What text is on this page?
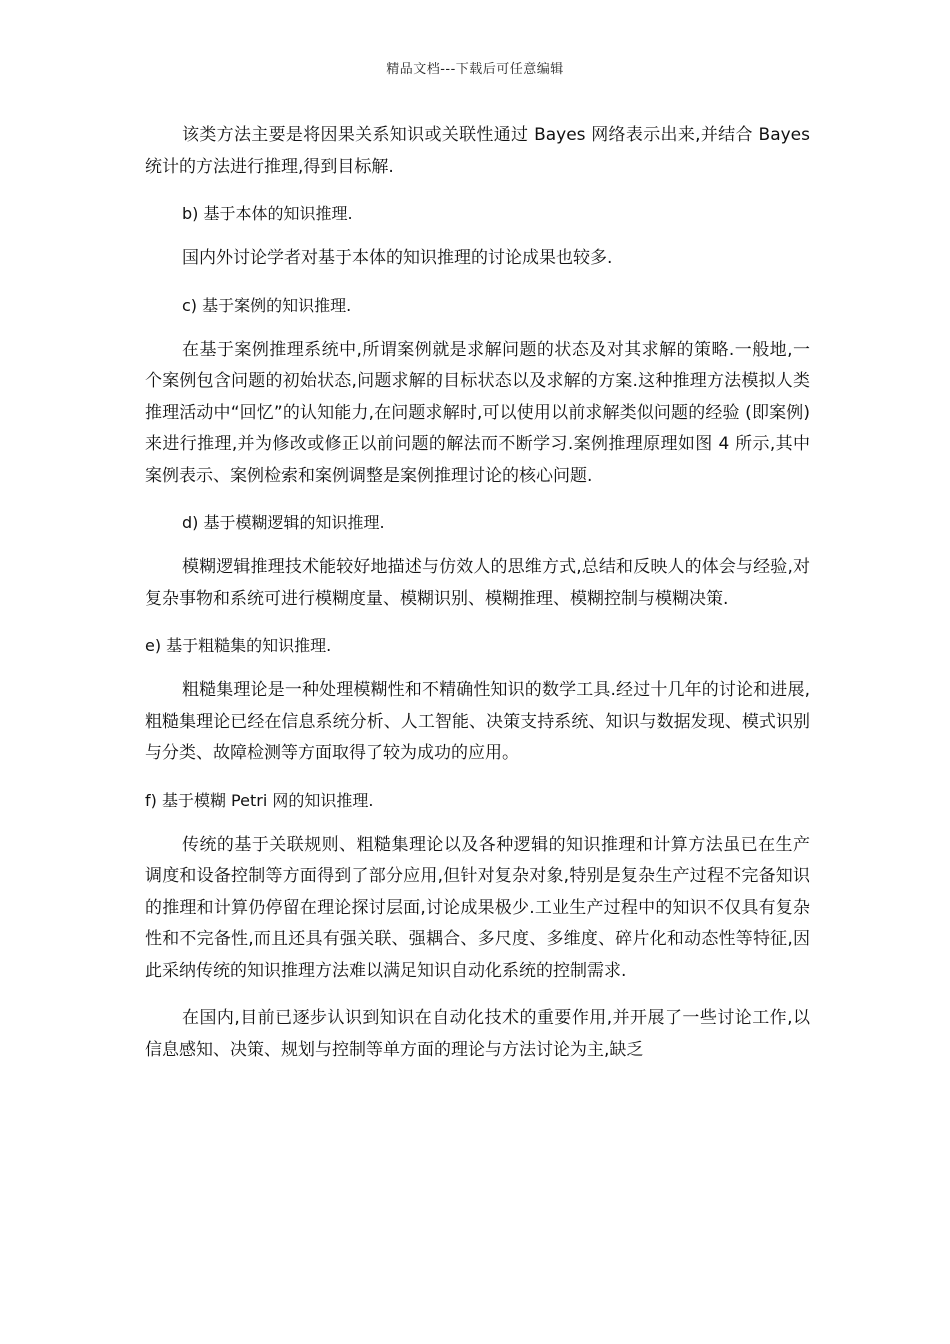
精品文档---下载后可任意编辑

该类方法主要是将因果关系知识或关联性通过 Bayes 网络表示出来,并结合 Bayes 统计的方法进行推理,得到目标解.

b) 基于本体的知识推理.

国内外讨论学者对基于本体的知识推理的讨论成果也较多.

c) 基于案例的知识推理.

在基于案例推理系统中,所谓案例就是求解问题的状态及对其求解的策略.一般地,一个案例包含问题的初始状态,问题求解的目标状态以及求解的方案.这种推理方法模拟人类推理活动中“回忆”的认知能力,在问题求解时,可以使用以前求解类似问题的经验 (即案例) 来进行推理,并为修改或修正以前问题的解法而不断学习.案例推理原理如图 4 所示,其中案例表示、案例检索和案例调整是案例推理讨论的核心问题.

d) 基于模糊逻辑的知识推理.

模糊逻辑推理技术能较好地描述与仿效人的思维方式,总结和反映人的体会与经验,对复杂事物和系统可进行模糊度量、模糊识别、模糊推理、模糊控制与模糊决策.

e) 基于粗糙集的知识推理.

粗糙集理论是一种处理模糊性和不精确性知识的数学工具.经过十几年的讨论和进展,粗糙集理论已经在信息系统分析、人工智能、决策支持系统、知识与数据发现、模式识别与分类、故障检测等方面取得了较为成功的应用。

f) 基于模糊 Petri 网的知识推理.

传统的基于关联规则、粗糙集理论以及各种逻辑的知识推理和计算方法虽已在生产调度和设备控制等方面得到了部分应用,但针对复杂对象,特别是复杂生产过程不完备知识的推理和计算仍停留在理论探讨层面,讨论成果极少.工业生产过程中的知识不仅具有复杂性和不完备性,而且还具有强关联、强耦合、多尺度、多维度、碎片化和动态性等特征,因此采纳传统的知识推理方法难以满足知识自动化系统的控制需求.

在国内,目前已逐步认识到知识在自动化技术的重要作用,并开展了一些讨论工作,以信息感知、决策、规划与控制等单方面的理论与方法讨论为主,缺乏
